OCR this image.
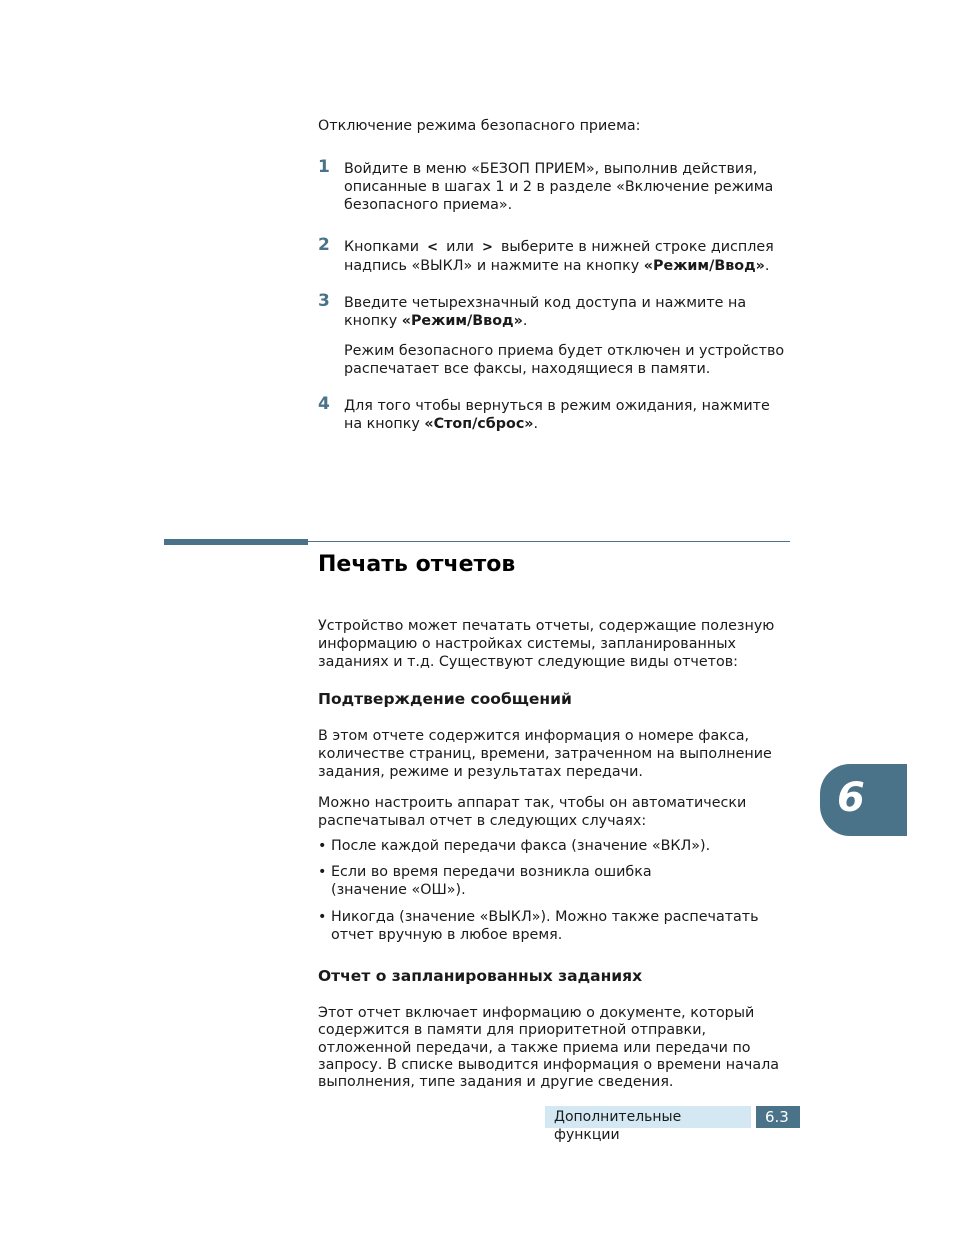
Отключение режима безопасного приема:
1 Войдите в меню «БЕЗОП ПРИЕМ», выполнив действия,
описанные в шагах 1 и 2 в разделе «Включение режима
безопасного приема».
2 Кнопками < или > выберите в нижней строке дисплея
надпись «ВЫКЛ» и нажмите на кнопку «Режим/Ввод».
3 Введите четырехзначный код доступа и нажмите на
кнопку «Режим/Ввод».
Режим безопасного приема будет отключен и устройство
распечатает все факсы, находящиеся в памяти.
4 Для того чтобы вернуться в режим ожидания, нажмите
на кнопку «Стоп/сброс».
Печать отчетов
Устройство может печатать отчеты, содержащие полезную
информацию о настройках системы, запланированных
заданиях и т.д. Существуют следующие виды отчетов:
Подтверждение сообщений
В этом отчете содержится информация о номере факса,
количестве страниц, времени, затраченном на выполнение
задания, режиме и результатах передачи.
Можно настроить аппарат так, чтобы он автоматически
распечатывал отчет в следующих случаях:
• После каждой передачи факса (значение «ВКЛ»).
• Если во время передачи возникла ошибка
(значение «ОШ»).
• Никогда (значение «ВЫКЛ»). Можно также распечатать
отчет вручную в любое время.
Отчет о запланированных заданиях
Этот отчет включает информацию о документе, который
содержится в памяти для приоритетной отправки,
отложенной передачи, а также приема или передачи по
запросу. В списке выводится информация о времени начала
выполнения, типе задания и другие сведения.
6
Дополнительные функции
6.3
